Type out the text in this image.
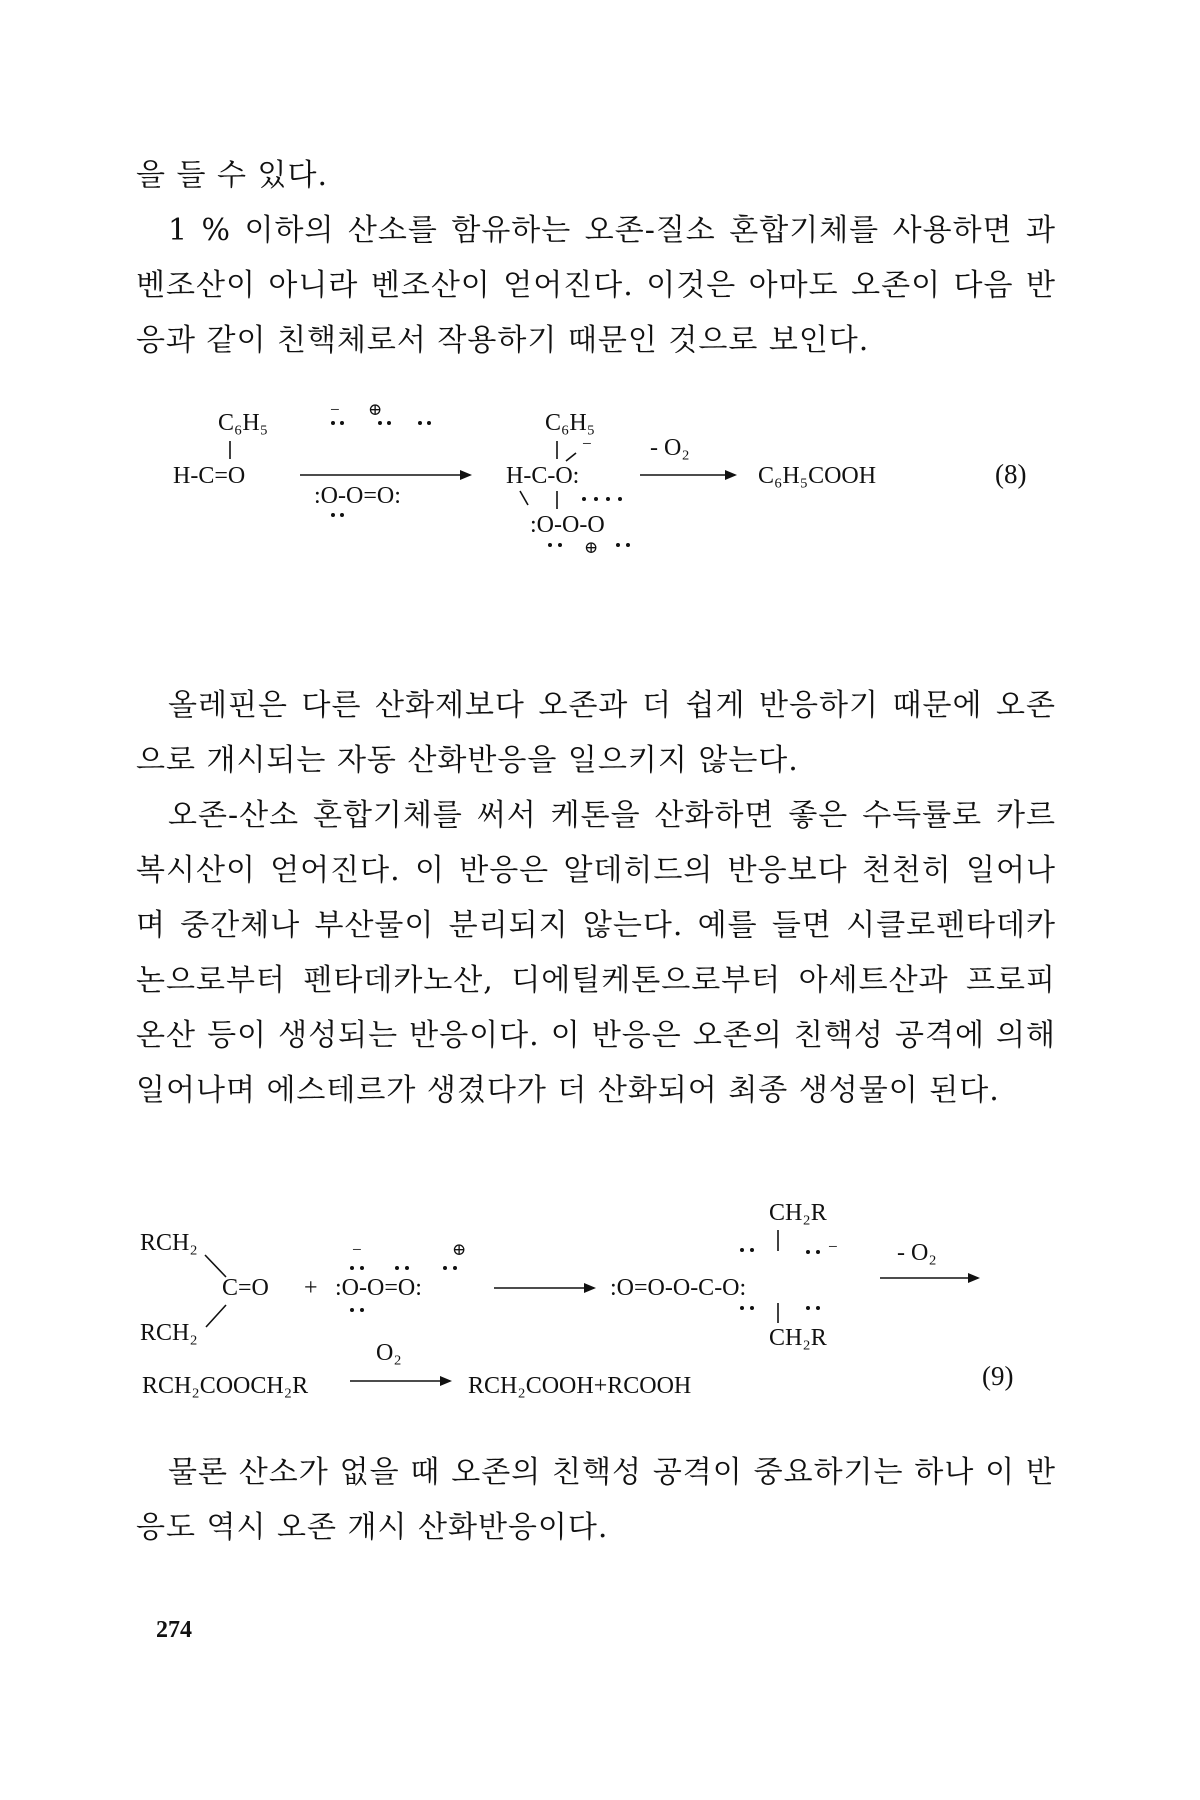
을 들 수 있다.

1 % 이하의 산소를 함유하는 오존-질소 혼합기체를 사용하면 과벤조산이 아니라 벤조산이 얻어진다. 이것은 아마도 오존이 다음 반응과 같이 친핵체로서 작용하기 때문인 것으로 보인다.

C₆H₅
H-C=O
:O-O=O:
− ⊕
C₆H₅
−
H-C-O:
:O-O-O
⊕
- O₂
C₆H₅COOH	(8)

올레핀은 다른 산화제보다 오존과 더 쉽게 반응하기 때문에 오존으로 개시되는 자동 산화반응을 일으키지 않는다.

오존-산소 혼합기체를 써서 케톤을 산화하면 좋은 수득률로 카르복시산이 얻어진다. 이 반응은 알데히드의 반응보다 천천히 일어나며 중간체나 부산물이 분리되지 않는다. 예를 들면 시클로펜타데카논으로부터 펜타데카노산, 디에틸케톤으로부터 아세트산과 프로피온산 등이 생성되는 반응이다. 이 반응은 오존의 친핵성 공격에 의해 일어나며 에스테르가 생겼다가 더 산화되어 최종 생성물이 된다.

RCH₂
C=O
RCH₂
+ :O-O=O:
−	⊕
CH₂R
−
:O=O-O-C-O:
CH₂R
- O₂
RCH₂COOCH₂R
O₂
RCH₂COOH+RCOOH	(9)

물론 산소가 없을 때 오존의 친핵성 공격이 중요하기는 하나 이 반응도 역시 오존 개시 산화반응이다.

274
